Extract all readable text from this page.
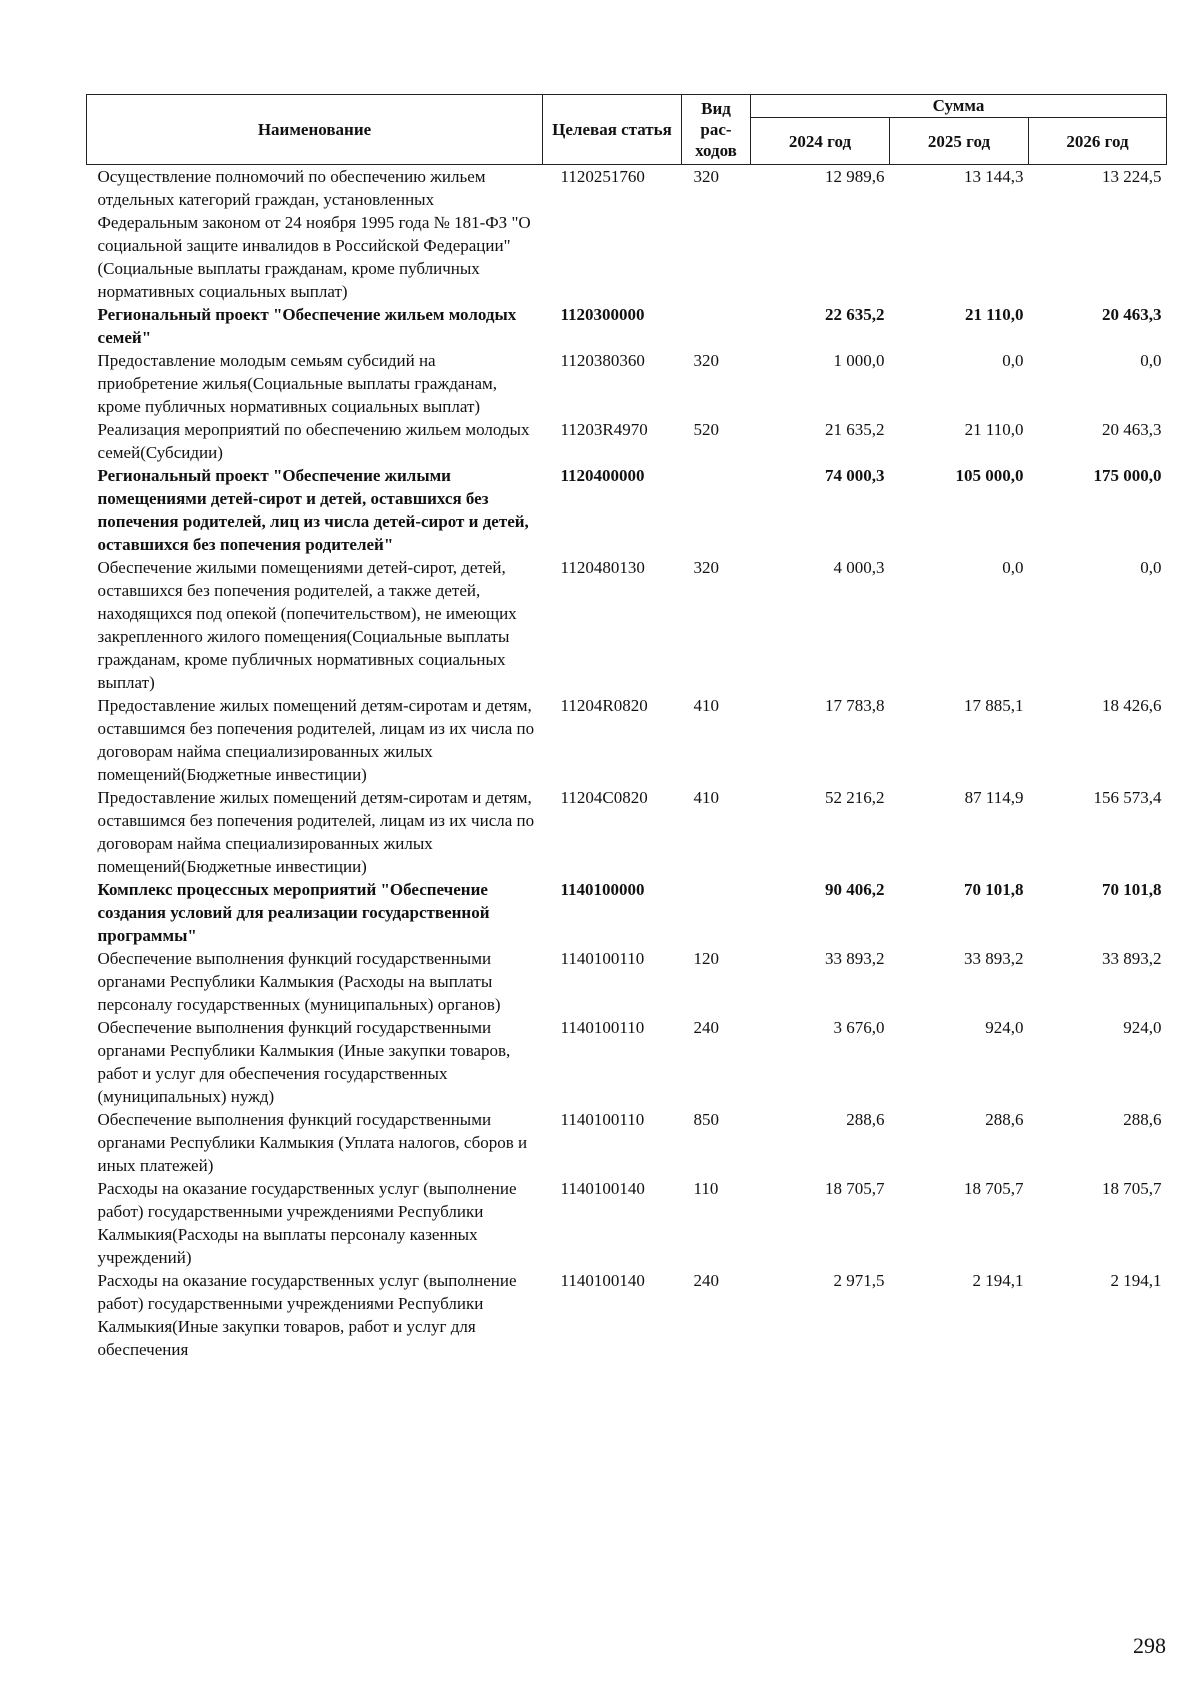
Наименование	Целевая статья	Вид рас-ходов	Сумма		
			2024 год	2025 год	2026 год
Осуществление полномочий по обеспечению жильем отдельных категорий граждан, установленных Федеральным законом от 24 ноября 1995 года № 181-ФЗ "О социальной защите инвалидов в Российской Федерации"(Социальные выплаты гражданам, кроме публичных нормативных социальных выплат)	1120251760	320	12 989,6	13 144,3	13 224,5
Региональный проект "Обеспечение жильем молодых семей"	1120300000		22 635,2	21 110,0	20 463,3
Предоставление молодым семьям субсидий на приобретение жилья(Социальные выплаты гражданам, кроме публичных нормативных социальных выплат)	1120380360	320	1 000,0	0,0	0,0
Реализация мероприятий по обеспечению жильем молодых семей(Субсидии)	11203R4970	520	21 635,2	21 110,0	20 463,3
Региональный проект "Обеспечение жилыми помещениями детей-сирот и детей, оставшихся без попечения родителей, лиц из числа детей-сирот и детей, оставшихся без попечения родителей"	1120400000		74 000,3	105 000,0	175 000,0
Обеспечение жилыми помещениями детей-сирот, детей, оставшихся без попечения родителей, а также детей, находящихся под опекой (попечительством), не имеющих закрепленного жилого помещения(Социальные выплаты гражданам, кроме публичных нормативных социальных выплат)	1120480130	320	4 000,3	0,0	0,0
Предоставление жилых помещений детям-сиротам и детям, оставшимся без попечения родителей, лицам из их числа по договорам найма специализированных жилых помещений(Бюджетные инвестиции)	11204R0820	410	17 783,8	17 885,1	18 426,6
Предоставление жилых помещений детям-сиротам и детям, оставшимся без попечения родителей, лицам из их числа по договорам найма специализированных жилых помещений(Бюджетные инвестиции)	11204C0820	410	52 216,2	87 114,9	156 573,4
Комплекс процессных мероприятий "Обеспечение создания условий для реализации государственной программы"	1140100000		90 406,2	70 101,8	70 101,8
Обеспечение выполнения функций государственными органами Республики Калмыкия (Расходы на выплаты персоналу государственных (муниципальных) органов)	1140100110	120	33 893,2	33 893,2	33 893,2
Обеспечение выполнения функций государственными органами Республики Калмыкия (Иные закупки товаров, работ и услуг для обеспечения государственных (муниципальных) нужд)	1140100110	240	3 676,0	924,0	924,0
Обеспечение выполнения функций государственными органами Республики Калмыкия (Уплата налогов, сборов и иных платежей)	1140100110	850	288,6	288,6	288,6
Расходы на оказание государственных услуг (выполнение работ) государственными учреждениями Республики Калмыкия(Расходы на выплаты персоналу казенных учреждений)	1140100140	110	18 705,7	18 705,7	18 705,7
Расходы на оказание государственных услуг (выполнение работ) государственными учреждениями Республики Калмыкия(Иные закупки товаров, работ и услуг для обеспечения	1140100140	240	2 971,5	2 194,1	2 194,1
298
